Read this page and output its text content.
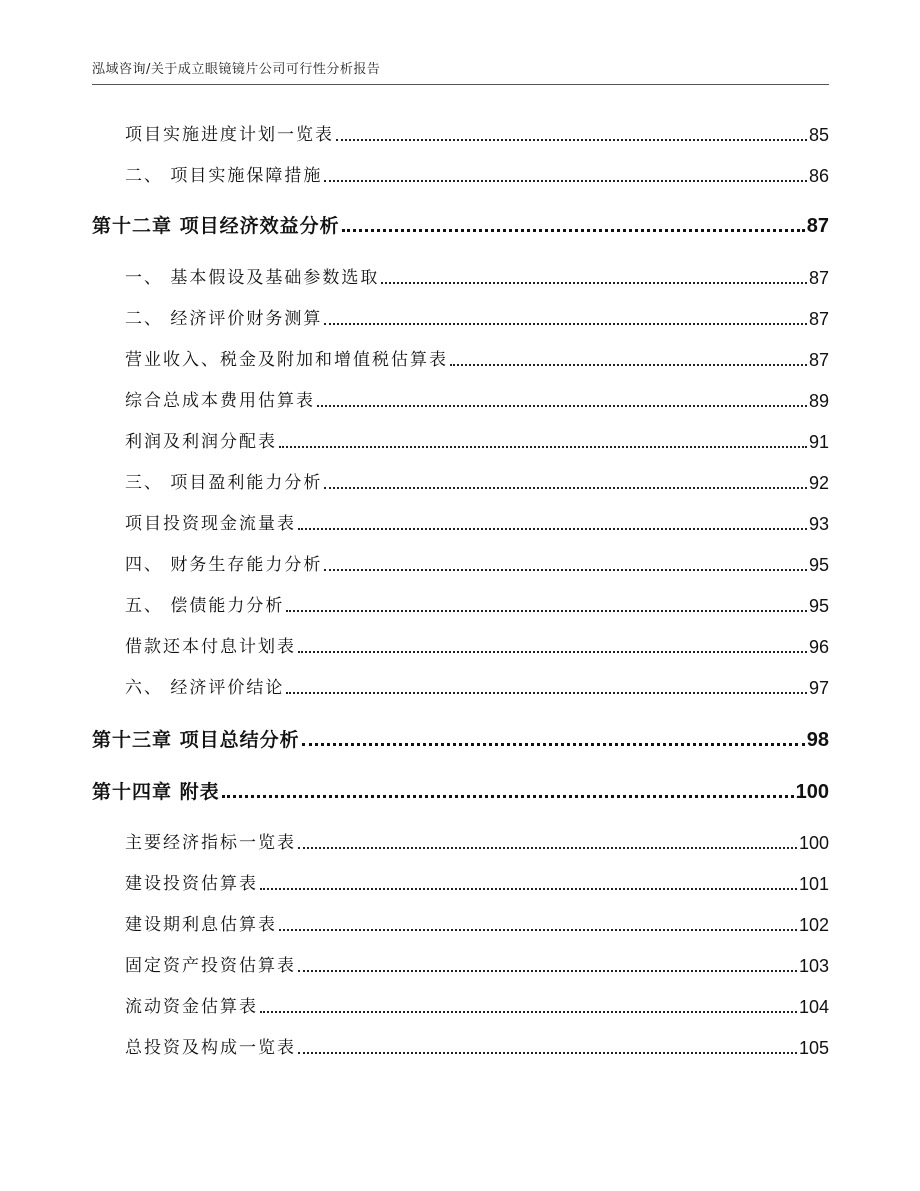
泓域咨询/关于成立眼镜镜片公司可行性分析报告
项目实施进度计划一览表	85
二、 项目实施保障措施	86
第十二章 项目经济效益分析	87
一、 基本假设及基础参数选取	87
二、 经济评价财务测算	87
营业收入、税金及附加和增值税估算表	87
综合总成本费用估算表	89
利润及利润分配表	91
三、 项目盈利能力分析	92
项目投资现金流量表	93
四、 财务生存能力分析	95
五、 偿债能力分析	95
借款还本付息计划表	96
六、 经济评价结论	97
第十三章 项目总结分析	98
第十四章 附表	100
主要经济指标一览表	100
建设投资估算表	101
建设期利息估算表	102
固定资产投资估算表	103
流动资金估算表	104
总投资及构成一览表	105
